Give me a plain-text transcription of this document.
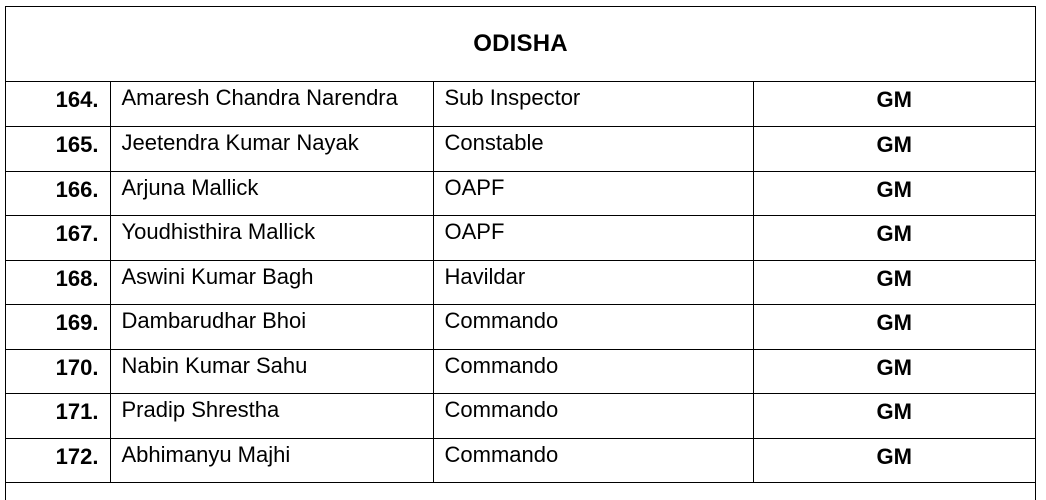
ODISHA
164.	Amaresh Chandra Narendra	Sub Inspector	GM
165.	Jeetendra Kumar Nayak	Constable	GM
166.	Arjuna Mallick	OAPF	GM
167.	Youdhisthira Mallick	OAPF	GM
168.	Aswini Kumar Bagh	Havildar	GM
169.	Dambarudhar Bhoi	Commando	GM
170.	Nabin Kumar Sahu	Commando	GM
171.	Pradip Shrestha	Commando	GM
172.	Abhimanyu Majhi	Commando	GM
